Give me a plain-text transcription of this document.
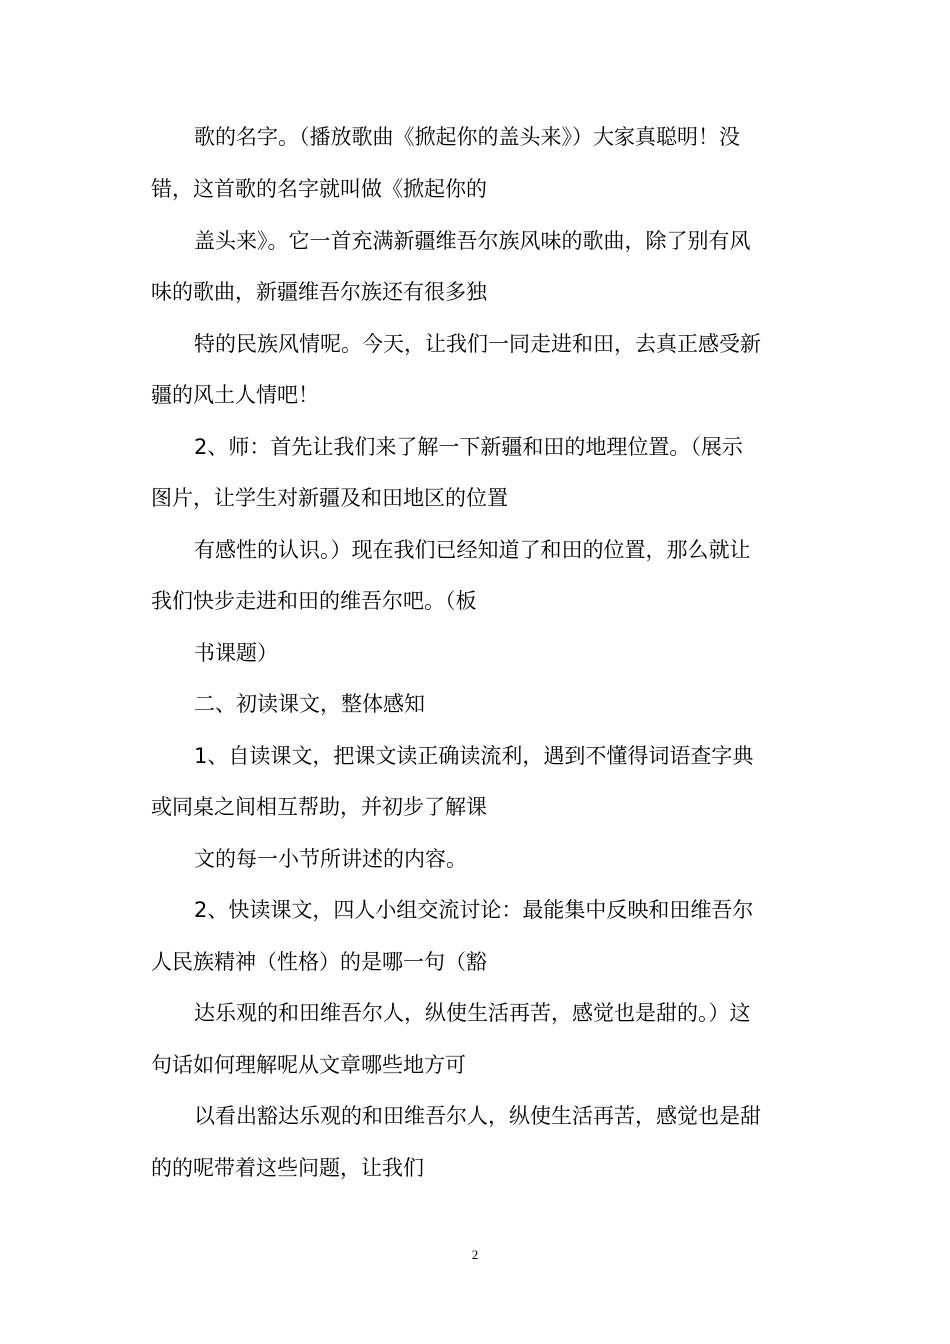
歌的名字。（播放歌曲《掀起你的盖头来》）大家真聪明！没
错，这首歌的名字就叫做《掀起你的
盖头来》。它一首充满新疆维吾尔族风味的歌曲，除了别有风
味的歌曲，新疆维吾尔族还有很多独
特的民族风情呢。今天，让我们一同走进和田，去真正感受新
疆的风土人情吧！
2、师：首先让我们来了解一下新疆和田的地理位置。（展示
图片，让学生对新疆及和田地区的位置
有感性的认识。）现在我们已经知道了和田的位置，那么就让
我们快步走进和田的维吾尔吧。（板
书课题）
二、初读课文，整体感知
1、自读课文，把课文读正确读流利，遇到不懂得词语查字典
或同桌之间相互帮助，并初步了解课
文的每一小节所讲述的内容。
2、快读课文，四人小组交流讨论：最能集中反映和田维吾尔
人民族精神（性格）的是哪一句（豁
达乐观的和田维吾尔人，纵使生活再苦，感觉也是甜的。）这
句话如何理解呢从文章哪些地方可
以看出豁达乐观的和田维吾尔人，纵使生活再苦，感觉也是甜
的的呢带着这些问题，让我们
2
